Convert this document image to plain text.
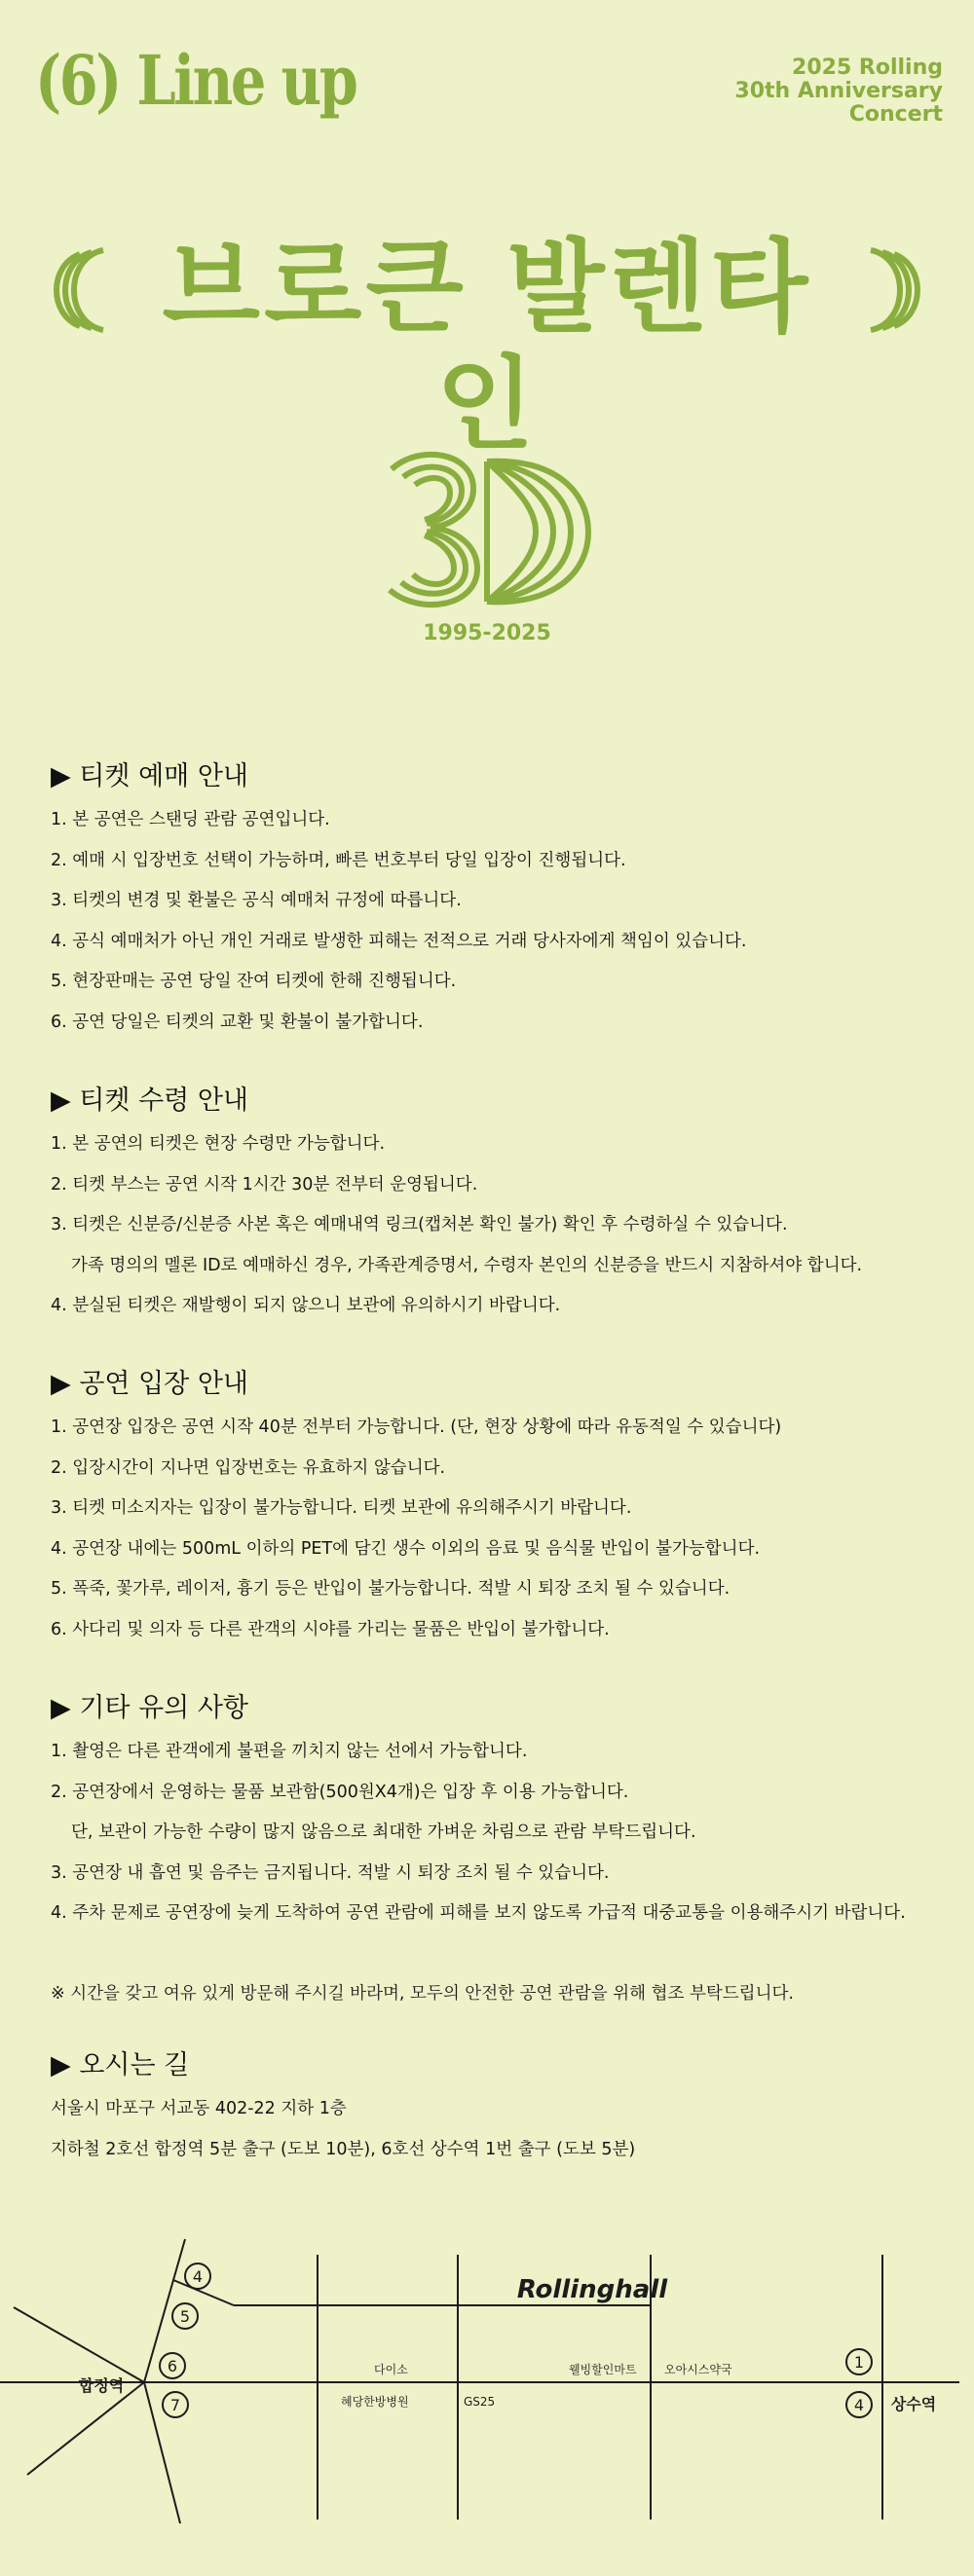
(6) Line up	2025 Rolling
30th Anniversary
Concert
브로큰 발렌타인
1995-2025
▶ 티켓 예매 안내
1. 본 공연은 스탠딩 관람 공연입니다.
2. 예매 시 입장번호 선택이 가능하며, 빠른 번호부터 당일 입장이 진행됩니다.
3. 티켓의 변경 및 환불은 공식 예매처 규정에 따릅니다.
4. 공식 예매처가 아닌 개인 거래로 발생한 피해는 전적으로 거래 당사자에게 책임이 있습니다.
5. 현장판매는 공연 당일 잔여 티켓에 한해 진행됩니다.
6. 공연 당일은 티켓의 교환 및 환불이 불가합니다.
▶ 티켓 수령 안내
1. 본 공연의 티켓은 현장 수령만 가능합니다.
2. 티켓 부스는 공연 시작 1시간 30분 전부터 운영됩니다.
3. 티켓은 신분증/신분증 사본 혹은 예매내역 링크(캡처본 확인 불가) 확인 후 수령하실 수 있습니다.
가족 명의의 멜론 ID로 예매하신 경우, 가족관계증명서, 수령자 본인의 신분증을 반드시 지참하셔야 합니다.
4. 분실된 티켓은 재발행이 되지 않으니 보관에 유의하시기 바랍니다.
▶ 공연 입장 안내
1. 공연장 입장은 공연 시작 40분 전부터 가능합니다. (단, 현장 상황에 따라 유동적일 수 있습니다)
2. 입장시간이 지나면 입장번호는 유효하지 않습니다.
3. 티켓 미소지자는 입장이 불가능합니다. 티켓 보관에 유의해주시기 바랍니다.
4. 공연장 내에는 500mL 이하의 PET에 담긴 생수 이외의 음료 및 음식물 반입이 불가능합니다.
5. 폭죽, 꽃가루, 레이저, 흉기 등은 반입이 불가능합니다. 적발 시 퇴장 조치 될 수 있습니다.
6. 사다리 및 의자 등 다른 관객의 시야를 가리는 물품은 반입이 불가합니다.
▶ 기타 유의 사항
1. 촬영은 다른 관객에게 불편을 끼치지 않는 선에서 가능합니다.
2. 공연장에서 운영하는 물품 보관함(500원X4개)은 입장 후 이용 가능합니다.
단, 보관이 가능한 수량이 많지 않음으로 최대한 가벼운 차림으로 관람 부탁드립니다.
3. 공연장 내 흡연 및 음주는 금지됩니다. 적발 시 퇴장 조치 될 수 있습니다.
4. 주차 문제로 공연장에 늦게 도착하여 공연 관람에 피해를 보지 않도록 가급적 대중교통을 이용해주시기 바랍니다.
※ 시간을 갖고 여유 있게 방문해 주시길 바라며, 모두의 안전한 공연 관람을 위해 협조 부탁드립니다.
▶ 오시는 길
서울시 마포구 서교동 402-22 지하 1층
지하철 2호선 합정역 5분 출구 (도보 10분), 6호선 상수역 1번 출구 (도보 5분)
4
5
6
7
1
4
Rollinghall
합정역
상수역
다이소
혜당한방병원	GS25
웰빙할인마트 오아시스약국
